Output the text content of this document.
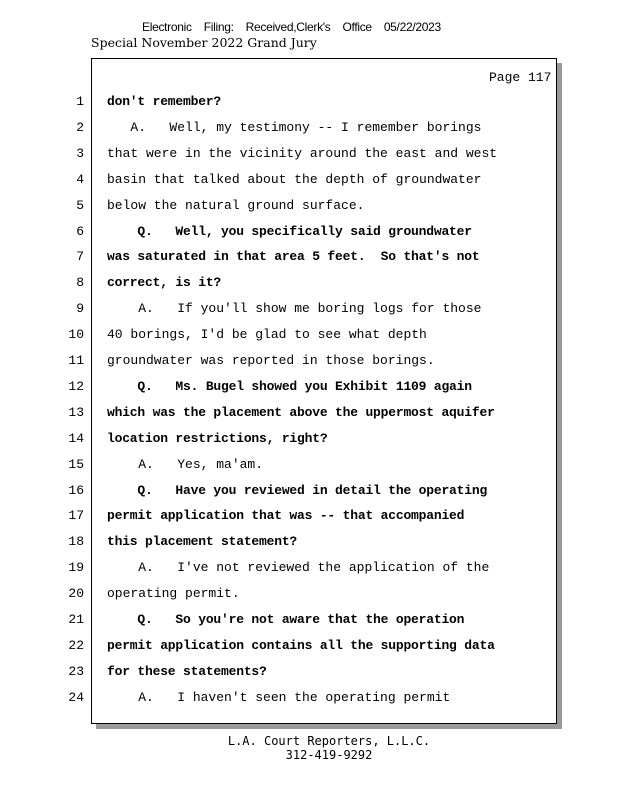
Electronic Filing: Received,Clerk's Office 05/22/2023
Special November 2022 Grand Jury
Page 117
1 don't remember?
2 A.   Well, my testimony -- I remember borings
3 that were in the vicinity around the east and west
4 basin that talked about the depth of groundwater
5 below the natural ground surface.
6 Q.   Well, you specifically said groundwater
7 was saturated in that area 5 feet.  So that's not
8 correct, is it?
9 A.   If you'll show me boring logs for those
10 40 borings, I'd be glad to see what depth
11 groundwater was reported in those borings.
12 Q.   Ms. Bugel showed you Exhibit 1109 again
13 which was the placement above the uppermost aquifer
14 location restrictions, right?
15 A.   Yes, ma'am.
16 Q.   Have you reviewed in detail the operating
17 permit application that was -- that accompanied
18 this placement statement?
19 A.   I've not reviewed the application of the
20 operating permit.
21 Q.   So you're not aware that the operation
22 permit application contains all the supporting data
23 for these statements?
24 A.   I haven't seen the operating permit
L.A. Court Reporters, L.L.C.
312-419-9292
